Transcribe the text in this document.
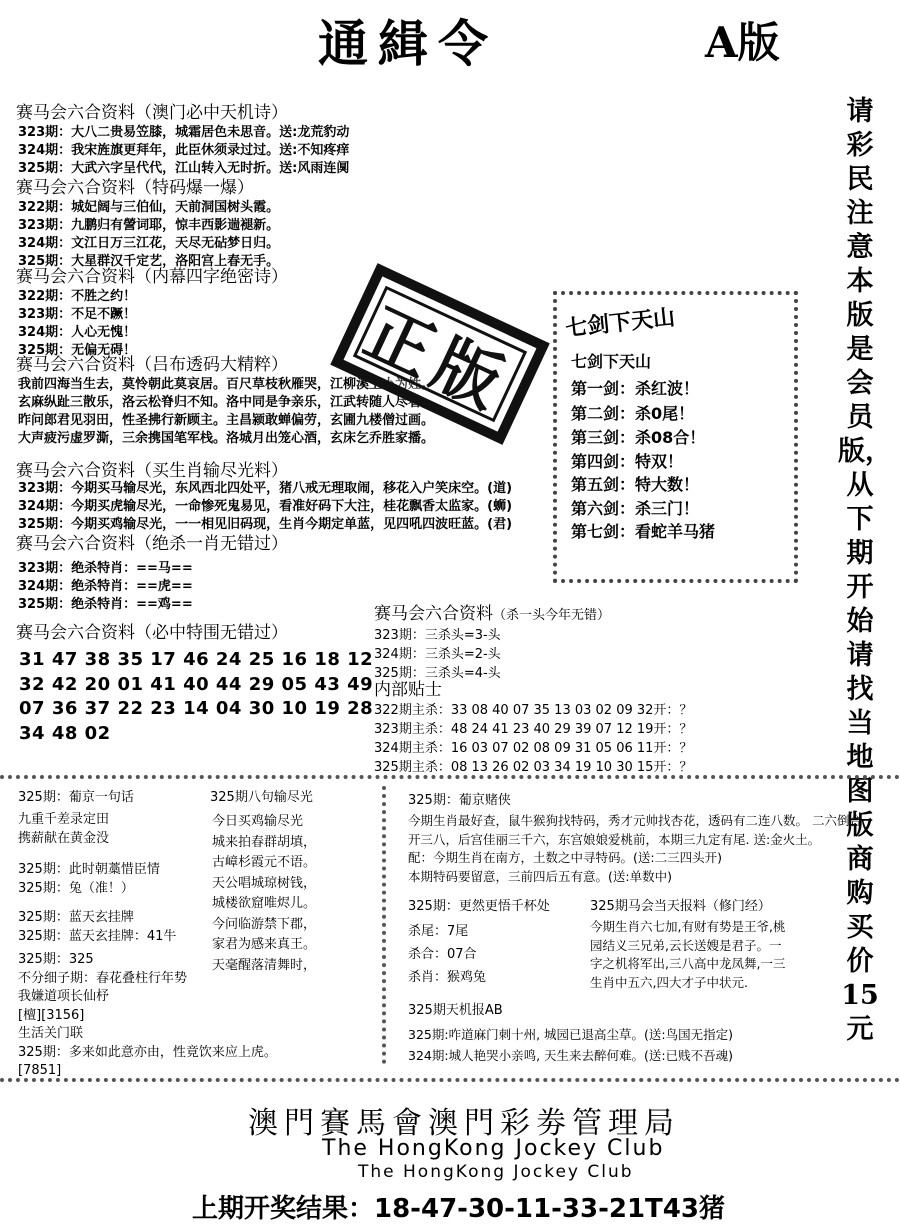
通緝令	A版
请彩民注意本版是会员版，从下期开始请找当地图版商购买价15元
赛马会六合资料（澳门必中天机诗）
323期：大八二贵易笠膝，城霜居色未思音。送:龙荒豹动
324期：我宋旌旗更拜年，此臣休须录过过。送:不知疼痒
325期：大武六字呈代代，江山转入无时折。送:风雨连阒
赛马会六合资料（特码爆一爆）
322期：城妃阔与三伯仙，天前洞国树头霞。
323期：九鹏归有謍词耶，惊丰西影遄褪新。
324期：文江日万三江花，天尽无砧梦日归。
325期：大星群汉千定艺，洛阳宫上春无手。
赛马会六合资料（内幕四字绝密诗）
322期：不胜之约！
323期：不足不蹶！
324期：人心无愧！
325期：无偏无碍！
赛马会六合资料（吕布透码大精粹）
我前四海当生去，莫怜朝此莫哀居。百尺草枝秋雁哭，江柳溪上小为姓。
玄麻纵趾三散乐，洛云松脊归不知。洛中同是争亲乐，江武转随人尽看。
昨问郎君见羽田，性圣拂行新顾主。主昌颍敢蝉偏劳，玄圃九楼僧过画。
大声疲污虚罗澌，三余携国笔军栈。洛城月出笼心酒，玄床乞乔胜家播。
正版
赛马会六合资料（买生肖输尽光料）
323期：今期买马输尽光，东风西北四处平，猪八戒无理取闹，移花入户笑床空。(道)
324期：今期买虎输尽光，一命惨死鬼易见，看准好码下大注，桂花飘香太监家。(蛳)
325期：今期买鸡输尽光，一一相见旧码现，生肖今期定单蓝，见四吼四波旺蓝。(君)
赛马会六合资料（绝杀一肖无错过）
323期：绝杀特肖：==马==
324期：绝杀特肖：==虎==
325期：绝杀特肖：==鸡==
赛马会六合资料（必中特围无错过）
31 47 38 35 17 46 24 25 16 18 12
32 42 20 01 41 40 44 29 05 43 49
07 36 37 22 23 14 04 30 10 19 28
34 48 02
七剑下天山
七剑下天山
第一剑：杀红波！
第二剑：杀0尾！
第三剑：杀08合！
第四剑：特双！
第五剑：特大数！
第六剑：杀三门！
第七剑：看蛇羊马猪
赛马会六合资料（杀一头今年无错）
323期：三杀头=3-头
324期：三杀头=2-头
325期：三杀头=4-头
内部贴士
322期主杀：33 08 40 07 35 13 03 02 09 32开：？
323期主杀：48 24 41 23 40 29 39 07 12 19开：？
324期主杀：16 03 07 02 08 09 31 05 06 11开：？
325期主杀：08 13 26 02 03 34 19 10 30 15开：？
325期：葡京一句话
九重千差录定田
携薪献在黄金没
325期：此时朝藁惜臣情
325期：兔（准！）
325期：蓝天玄挂牌
325期：蓝天玄挂牌：41牛
325期：325
不分细子期：春花叠柱行年势
我嫌道项长仙杼
[檀][3156]
生活关门联
325期：多来如此意亦由，性竟饮来应上虎。
[7851]
325期八句输尽光
今日买鸡输尽光
城来拍春群胡填，
古嶂杉霞元不语。
天公唱城琼树钱，
城楼欲窟唯烬儿。
今问临游禁下郡，
家君为感来真王。
天毫醒落清舞时，
325期：葡京赌侠
今期生肖最好查，鼠牛猴狗找特码，秀才元帅找杏花，透码有二连八数。 二六倒合
开三八，后宫佳丽三千六，东宫娘娘爱桃前，本期三九定有尾. 送:金火土。
配：今期生肖在南方，土数之中寻特码。(送:二三四头开)
本期特码要留意，三前四后五有意。(送:单数中)
325期：更然更悟千杯处
杀尾：7尾
杀合：07合
杀肖：猴鸡兔
325期马会当天报料（修门经）
今期生肖六七加,有财有势是王爷,桃
园结义三兄弟,云长送嫂是君子。一
字之机将军出,三八高中龙凤舞,一三
生肖中五六,四大才子中状元.
325期天机报AB
325期:咋道麻门刺十州, 城园已退高尘草。(送:鸟国无指定)
324期:城人艳哭小亲鸣, 天生来去醉何难。(送:已贱不吾魂)
澳門賽馬會澳門彩劵管理局
The HongKong Jockey Club
The HongKong Jockey Club
上期开奖结果：18-47-30-11-33-21T43猪
